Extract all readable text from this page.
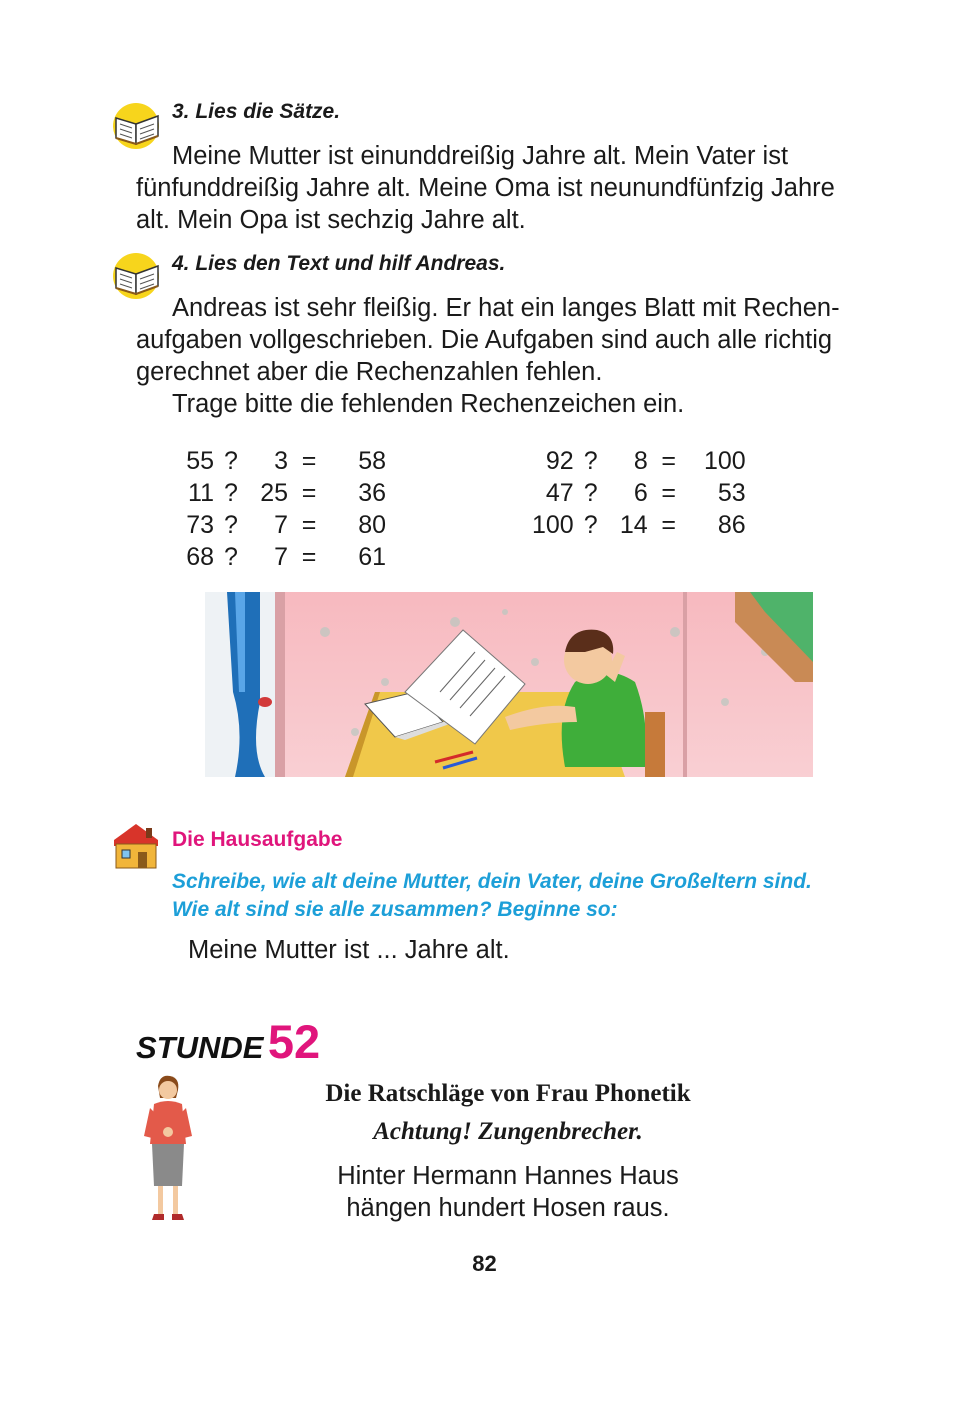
3. Lies die Sätze.
Meine Mutter ist einunddreißig Jahre alt. Mein Vater ist
fünfunddreißig Jahre alt. Meine Oma ist neunundfünfzig Jahre
alt. Mein Opa ist sechzig Jahre alt.
4. Lies den Text und hilf Andreas.
Andreas ist sehr fleißig. Er hat ein langes Blatt mit Rechen-
aufgaben vollgeschrieben. Die Aufgaben sind auch alle richtig
gerechnet aber die Rechenzahlen fehlen.
Trage bitte die fehlenden Rechenzeichen ein.
55	?	3	=	58
11	?	25	=	36
73	?	7	=	80
68	?	7	=	61
92	?	8	=	100
47	?	6	=	53
100	?	14	=	86
Die Hausaufgabe
Schreibe, wie alt deine Mutter, dein Vater, deine Großeltern sind.
Wie alt sind sie alle zusammen? Beginne so:
Meine Mutter ist ... Jahre alt.
STUNDE 52
Die Ratschläge von Frau Phonetik
Achtung! Zungenbrecher.
Hinter Hermann Hannes Haus
hängen hundert Hosen raus.
82
